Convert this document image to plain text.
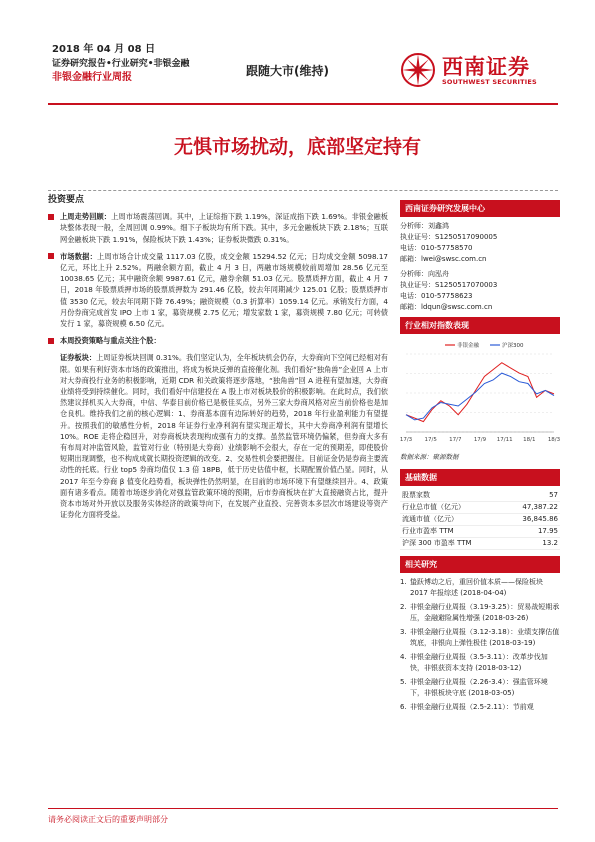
2018 年 04 月 08 日
证券研究报告•行业研究•非银金融
非银金融行业周报	跟随大市(维持)	西南证券
SOUTHWEST SECURITIES
无惧市场扰动，底部坚定持有
投资要点
上周走势回顾：上周市场震荡回调。其中，上证综指下跌 1.19%，深证成指下跌 1.69%。非银金融板块整体表现一般，全周回调 0.99%。细下子板块均有所下跌。其中，多元金融板块下跌 2.18%；互联网金融板块下跌 1.91%，保险板块下跌 1.43%；证券板块微跌 0.31%。
市场数据：上周市场合计成交量 1117.03 亿股，成交金额 15294.52 亿元；日均成交金额 5098.17 亿元，环比上升 2.52%。两融余额方面，截止 4 月 3 日，两融市场规模较前周增加 28.56 亿元至 10038.65 亿元；其中融资余额 9987.61 亿元，融券余额 51.03 亿元。股票质押方面，截止 4 月 7 日，2018 年股票质押市场的股票质押数为 291.46 亿股，较去年同期减少 125.01 亿股；股票质押市值 3530 亿元，较去年同期下降 76.49%；融资规模（0.3 折算率）1059.14 亿元。承销发行方面，4 月份券商完成首发 IPO 上市 1 家，募资规模 2.75 亿元；增发家数 1 家，募资规模 7.80 亿元；可转债发行 1 家，募资规模 6.50 亿元。
本周投资策略与重点关注个股：
证券板块：上周证券板块回调 0.31%。我们坚定认为，全年板块机会仍存，大券商向下空间已经相对有限。如果有利好资本市场的政策推出，将成为板块反弹的直接催化剂。我们看好“独角兽”企业回 A 上市对大券商投行业务的积极影响，近期 CDR 和关政策将逐步落地，“独角兽”回 A 进程有望加速，大券商业绩将受到持续催化。同时，我们看好中信建投在 A 股上市对板块股价的积极影响。在此时点，我们依然建议择机买入大券商，中信、华泰目前价格已是极佳买点，另外三家大券商风格对应当前价格也是加仓良机。维持我们之前的核心逻辑：1、券商基本面有边际转好的趋势，2018 年行业盈利能力有望提升。按照我们的敏感性分析，2018 年证券行业净利润有望实现正增长，其中大券商净利润有望增长 10%。ROE 走将企稳回升，对券商板块表现构成强有力的支撑。虽然监管环境仍偏紧，但券商大多有有布局对冲监管风险，监管对行业（特别是大券商）业绩影响不会很大，存在一定的预期差，即使股价短期出现调整，也不构成成就长期投资逻辑的改变。2、交易性机会要把握住。目前证金仍是券商主要流动性的托底。行业 top5 券商均值仅 1.3 倍 18PB，低于历史估值中枢，长期配置价值凸显。同时，从 2017 年至今券商 β 值变化趋势看，板块弹性仍然明显，在目前的市场环境下有望继续回升。4、政策面有诸多看点。随着市场逐步消化对强监管政策环境的预期，后市券商板块在扩大直接融资占比，提升资本市场对外开放以及服务实体经济的政策导向下，在发展产业直投、完善资本多层次市场建设等资产证券化方面将受益。
西南证券研究发展中心
分析师：刘鑫鸿
执业证号：S1250517090005
电话：010-57758570
邮箱：lwei@swsc.com.cn
分析师：向泓舟
执业证号：S1250517070003
电话：010-57758623
邮箱：ldqun@swsc.com.cn
行业相对指数表现
17/3 17/5 17/7 17/9 17/11 18/1 18/3
非银金融	沪深300
数据来源：聚源数据
基础数据
股票家数	57
行业总市值（亿元）	47,387.22
流通市值（亿元）	36,845.86
行业市盈率 TTM	17.95
沪深 300 市盈率 TTM	13.2
相关研究
1. 蛰跃博动之后，重回价值本质——保险板块 2017 年报综述 (2018-04-04)
2. 非银金融行业周报（3.19-3.25）：贸易战短期承压，金融避险属性增强 (2018-03-26)
3. 非银金融行业周报（3.12-3.18）：业绩支撑估值筑底，非银向上弹性极佳 (2018-03-19)
4. 非银金融行业周报（3.5-3.11）：改革步伐加快，非银获资本支持 (2018-03-12)
5. 非银金融行业周报（2.26-3.4）：强监管环境下，非银板块守底 (2018-03-05)
6. 非银金融行业周报（2.5-2.11）：节前观
请务必阅读正文后的重要声明部分
